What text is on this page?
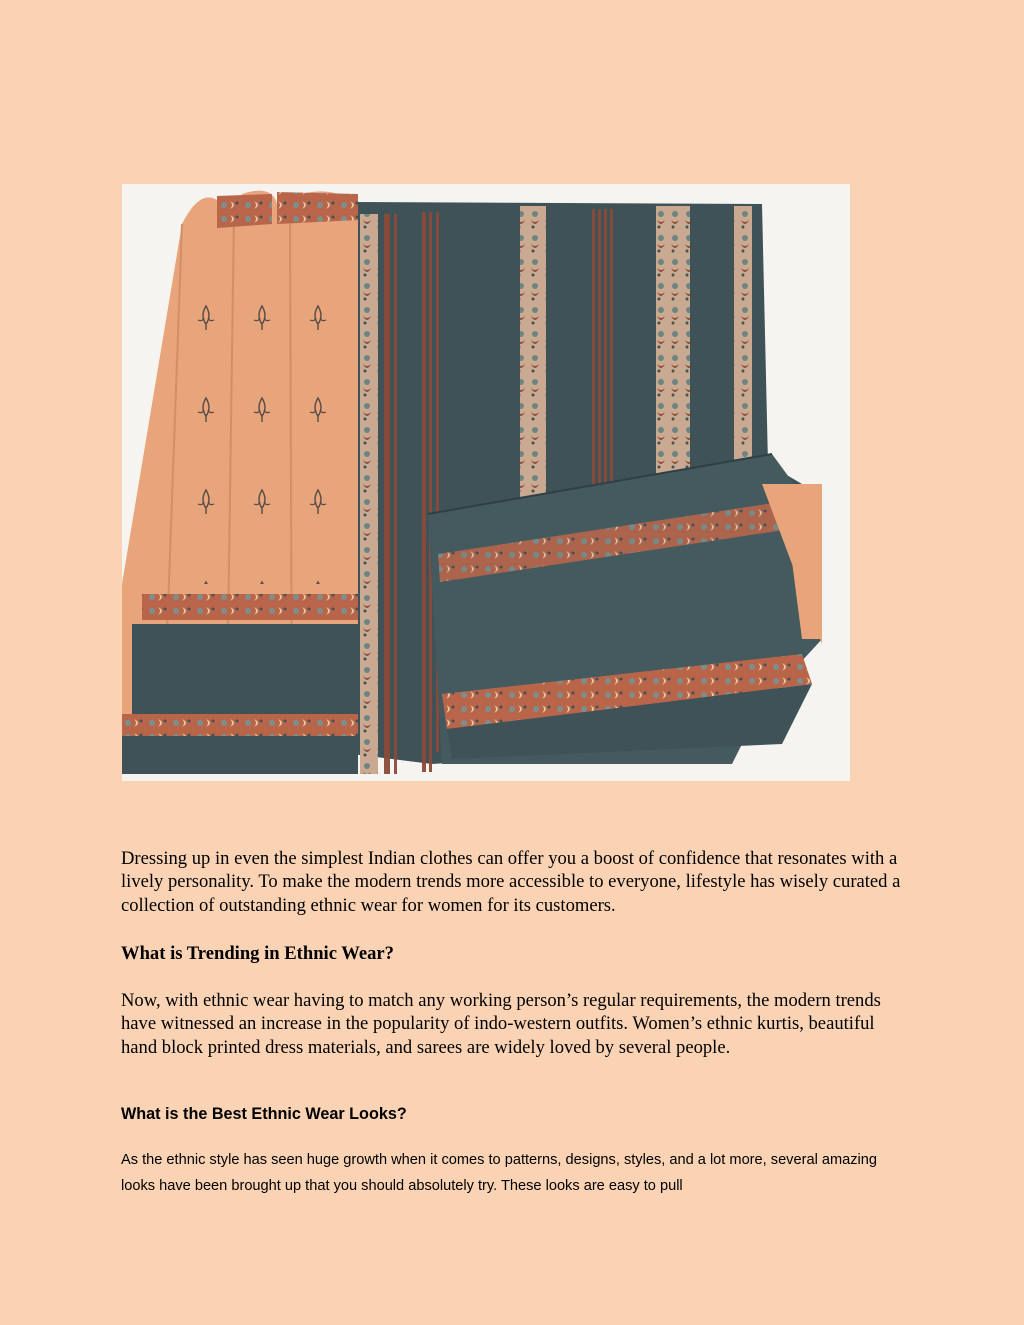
Dressing up in even the simplest Indian clothes can offer you a boost of confidence that resonates with a lively personality. To make the modern trends more accessible to everyone, lifestyle has wisely curated a collection of outstanding ethnic wear for women for its customers.

What is Trending in Ethnic Wear?

Now, with ethnic wear having to match any working person’s regular requirements, the modern trends have witnessed an increase in the popularity of indo-western outfits. Women’s ethnic kurtis, beautiful hand block printed dress materials, and sarees are widely loved by several people.

What is the Best Ethnic Wear Looks?

As the ethnic style has seen huge growth when it comes to patterns, designs, styles, and a lot more, several amazing looks have been brought up that you should absolutely try. These looks are easy to pull
